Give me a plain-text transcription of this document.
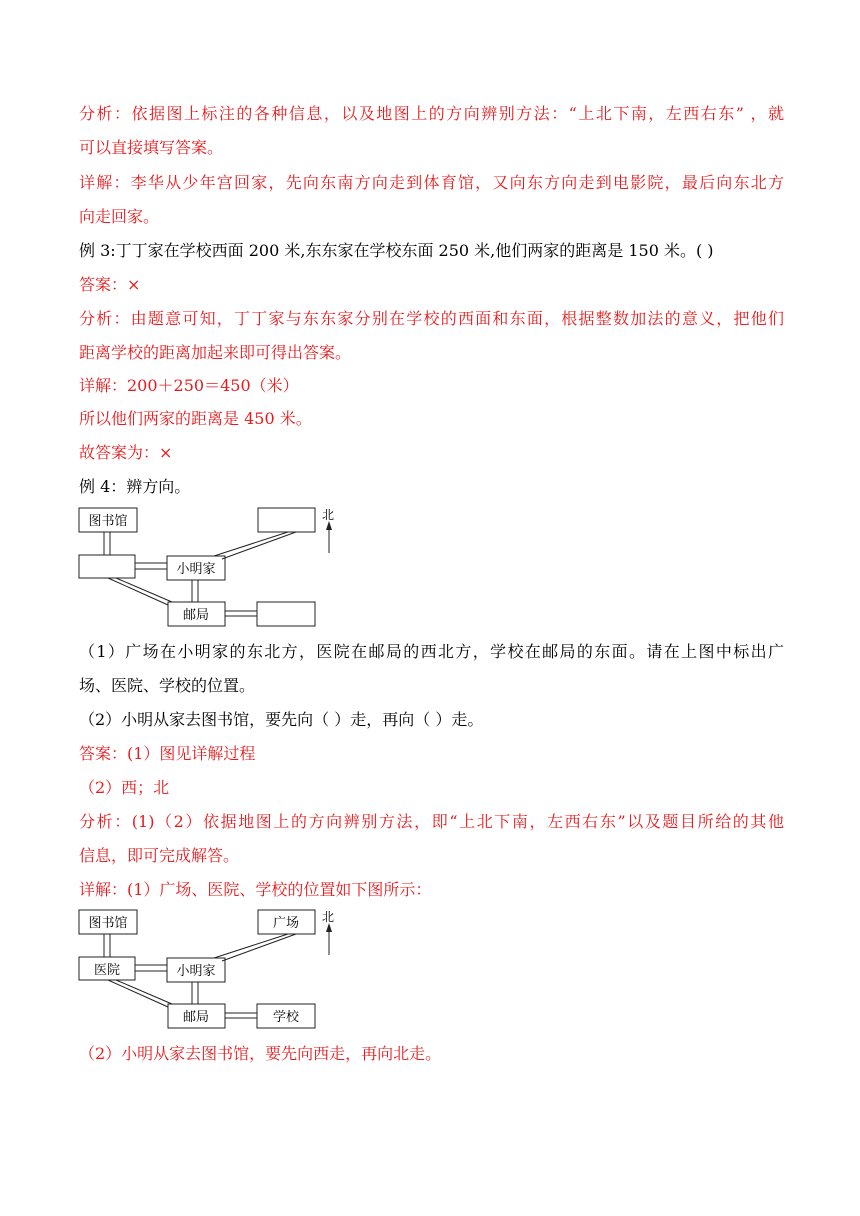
分析：依据图上标注的各种信息，以及地图上的方向辨别方法：“上北下南，左西右东” ，就
可以直接填写答案。
详解：李华从少年宫回家，先向东南方向走到体育馆，又向东方向走到电影院，最后向东北方
向走回家。
例 3:丁丁家在学校西面 200 米,东东家在学校东面 250 米,他们两家的距离是 150 米。( )
答案：×
分析：由题意可知，丁丁家与东东家分别在学校的西面和东面，根据整数加法的意义，把他们
距离学校的距离加起来即可得出答案。
详解：200＋250＝450（米）
所以他们两家的距离是 450 米。
故答案为：×
例 4：辨方向。
图书馆
小明家
邮局
北
（1）广场在小明家的东北方，医院在邮局的西北方，学校在邮局的东面。请在上图中标出广
场、医院、学校的位置。
（2）小明从家去图书馆，要先向（ ）走，再向（ ）走。
答案：(1）图见详解过程
（2）西；北
分析：(1)（2）依据地图上的方向辨别方法，即“上北下南，左西右东”以及题目所给的其他
信息，即可完成解答。
详解：(1）广场、医院、学校的位置如下图所示：
图书馆	广场
医院	小明家
邮局	学校
北
（2）小明从家去图书馆，要先向西走，再向北走。
